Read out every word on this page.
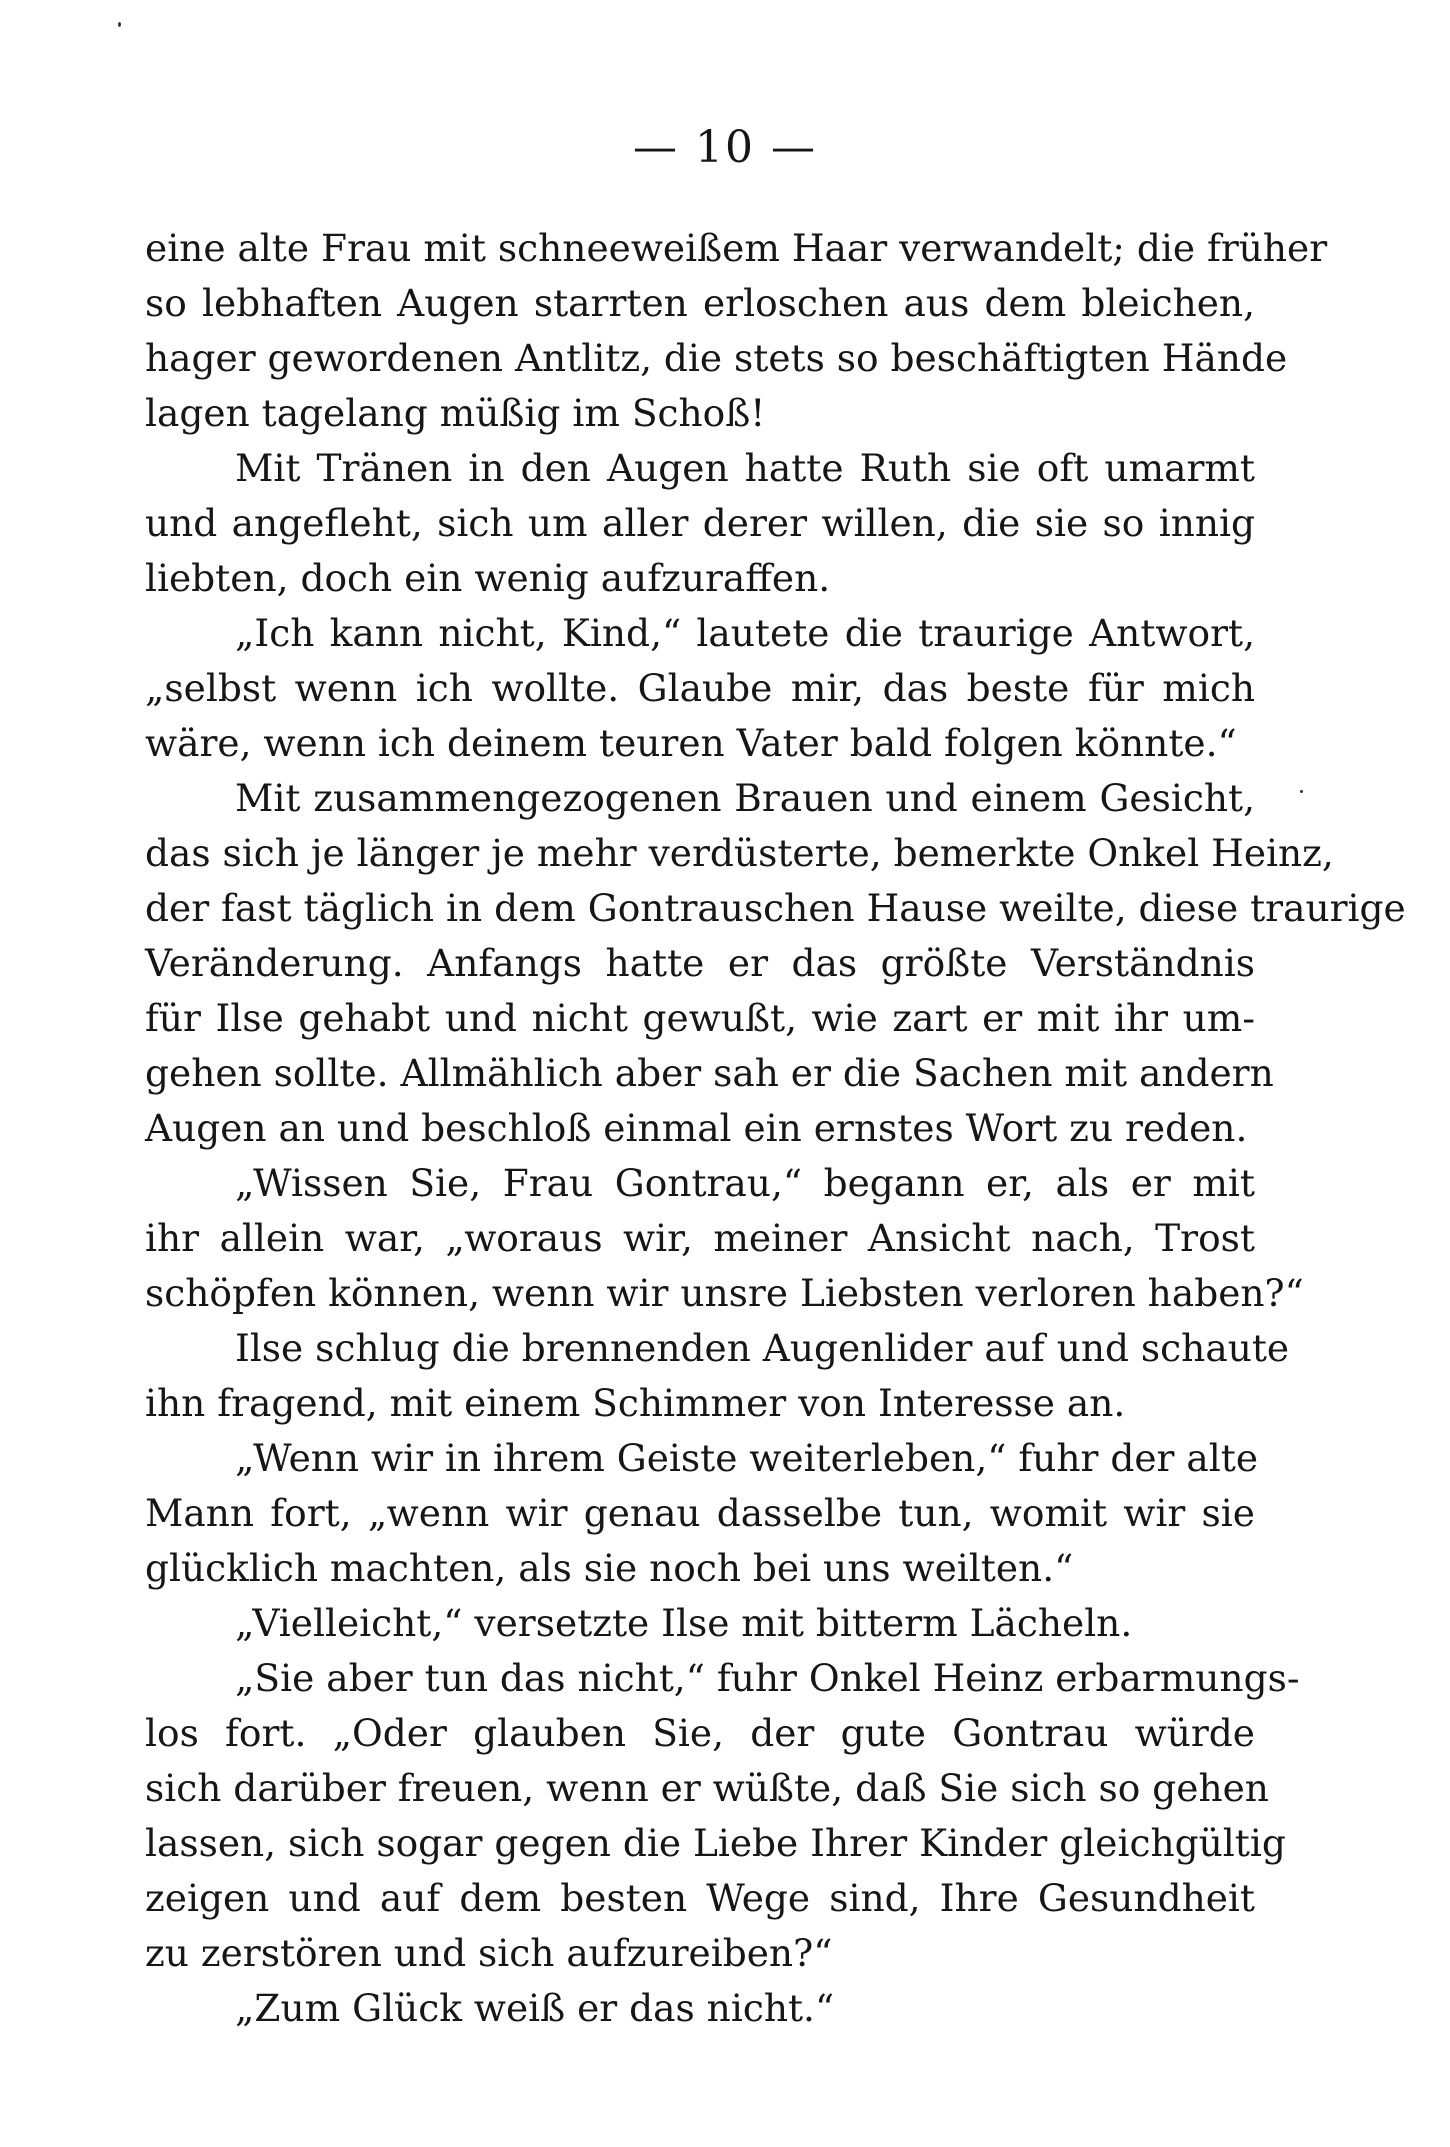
— 10 —
eine alte Frau mit schneeweißem Haar verwandelt; die früher
so lebhaften Augen starrten erloschen aus dem bleichen,
hager gewordenen Antlitz, die stets so beschäftigten Hände
lagen tagelang müßig im Schoß!
Mit Tränen in den Augen hatte Ruth sie oft umarmt
und angefleht, sich um aller derer willen, die sie so innig
liebten, doch ein wenig aufzuraffen.
„Ich kann nicht, Kind,“ lautete die traurige Antwort,
„selbst wenn ich wollte. Glaube mir, das beste für mich
wäre, wenn ich deinem teuren Vater bald folgen könnte.“
Mit zusammengezogenen Brauen und einem Gesicht,
das sich je länger je mehr verdüsterte, bemerkte Onkel Heinz,
der fast täglich in dem Gontrauschen Hause weilte, diese traurige
Veränderung. Anfangs hatte er das größte Verständnis
für Ilse gehabt und nicht gewußt, wie zart er mit ihr um-
gehen sollte. Allmählich aber sah er die Sachen mit andern
Augen an und beschloß einmal ein ernstes Wort zu reden.
„Wissen Sie, Frau Gontrau,“ begann er, als er mit
ihr allein war, „woraus wir, meiner Ansicht nach, Trost
schöpfen können, wenn wir unsre Liebsten verloren haben?“
Ilse schlug die brennenden Augenlider auf und schaute
ihn fragend, mit einem Schimmer von Interesse an.
„Wenn wir in ihrem Geiste weiterleben,“ fuhr der alte
Mann fort, „wenn wir genau dasselbe tun, womit wir sie
glücklich machten, als sie noch bei uns weilten.“
„Vielleicht,“ versetzte Ilse mit bitterm Lächeln.
„Sie aber tun das nicht,“ fuhr Onkel Heinz erbarmungs-
los fort. „Oder glauben Sie, der gute Gontrau würde
sich darüber freuen, wenn er wüßte, daß Sie sich so gehen
lassen, sich sogar gegen die Liebe Ihrer Kinder gleichgültig
zeigen und auf dem besten Wege sind, Ihre Gesundheit
zu zerstören und sich aufzureiben?“
„Zum Glück weiß er das nicht.“
